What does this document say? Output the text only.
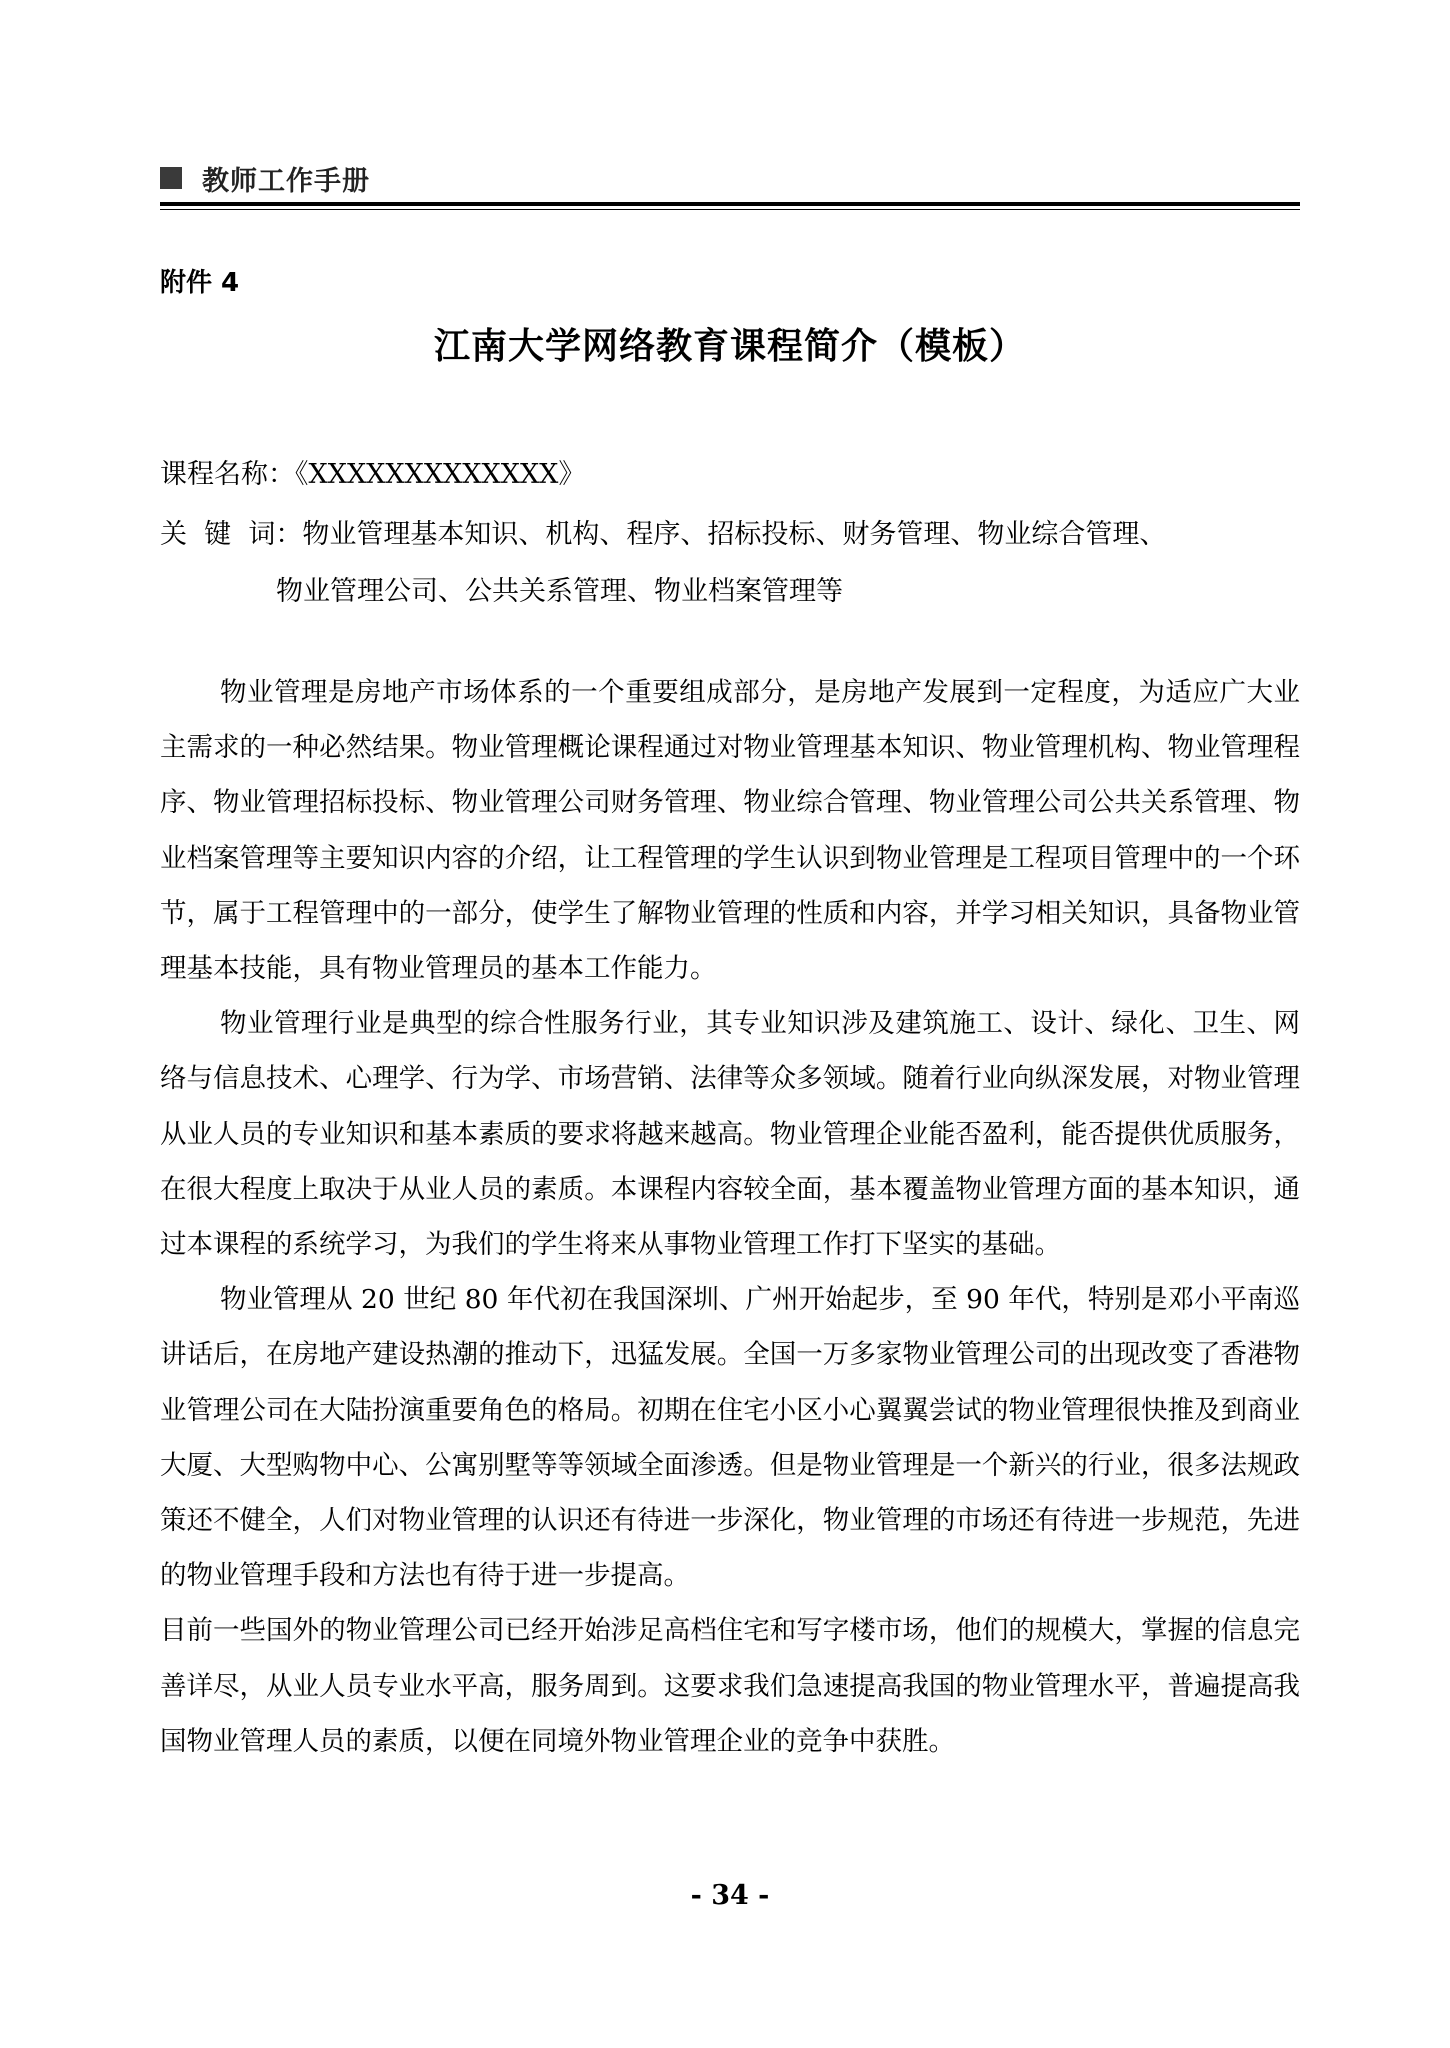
教师工作手册
附件 4
江南大学网络教育课程简介（模板）
课程名称：《XXXXXXXXXXXXX》
关  键  词：物业管理基本知识、机构、程序、招标投标、财务管理、物业综合管理、
物业管理公司、公共关系管理、物业档案管理等

物业管理是房地产市场体系的一个重要组成部分，是房地产发展到一定程度，为适应广大业主需求的一种必然结果。物业管理概论课程通过对物业管理基本知识、物业管理机构、物业管理程序、物业管理招标投标、物业管理公司财务管理、物业综合管理、物业管理公司公共关系管理、物业档案管理等主要知识内容的介绍，让工程管理的学生认识到物业管理是工程项目管理中的一个环节，属于工程管理中的一部分，使学生了解物业管理的性质和内容，并学习相关知识，具备物业管理基本技能，具有物业管理员的基本工作能力。

物业管理行业是典型的综合性服务行业，其专业知识涉及建筑施工、设计、绿化、卫生、网络与信息技术、心理学、行为学、市场营销、法律等众多领域。随着行业向纵深发展，对物业管理从业人员的专业知识和基本素质的要求将越来越高。物业管理企业能否盈利，能否提供优质服务，在很大程度上取决于从业人员的素质。本课程内容较全面，基本覆盖物业管理方面的基本知识，通过本课程的系统学习，为我们的学生将来从事物业管理工作打下坚实的基础。

物业管理从 20 世纪 80 年代初在我国深圳、广州开始起步，至 90 年代，特别是邓小平南巡讲话后，在房地产建设热潮的推动下，迅猛发展。全国一万多家物业管理公司的出现改变了香港物业管理公司在大陆扮演重要角色的格局。初期在住宅小区小心翼翼尝试的物业管理很快推及到商业大厦、大型购物中心、公寓别墅等等领域全面渗透。但是物业管理是一个新兴的行业，很多法规政策还不健全，人们对物业管理的认识还有待进一步深化，物业管理的市场还有待进一步规范，先进的物业管理手段和方法也有待于进一步提高。

目前一些国外的物业管理公司已经开始涉足高档住宅和写字楼市场，他们的规模大，掌握的信息完善详尽，从业人员专业水平高，服务周到。这要求我们急速提高我国的物业管理水平，普遍提高我国物业管理人员的素质，以便在同境外物业管理企业的竞争中获胜。

- 34 -
